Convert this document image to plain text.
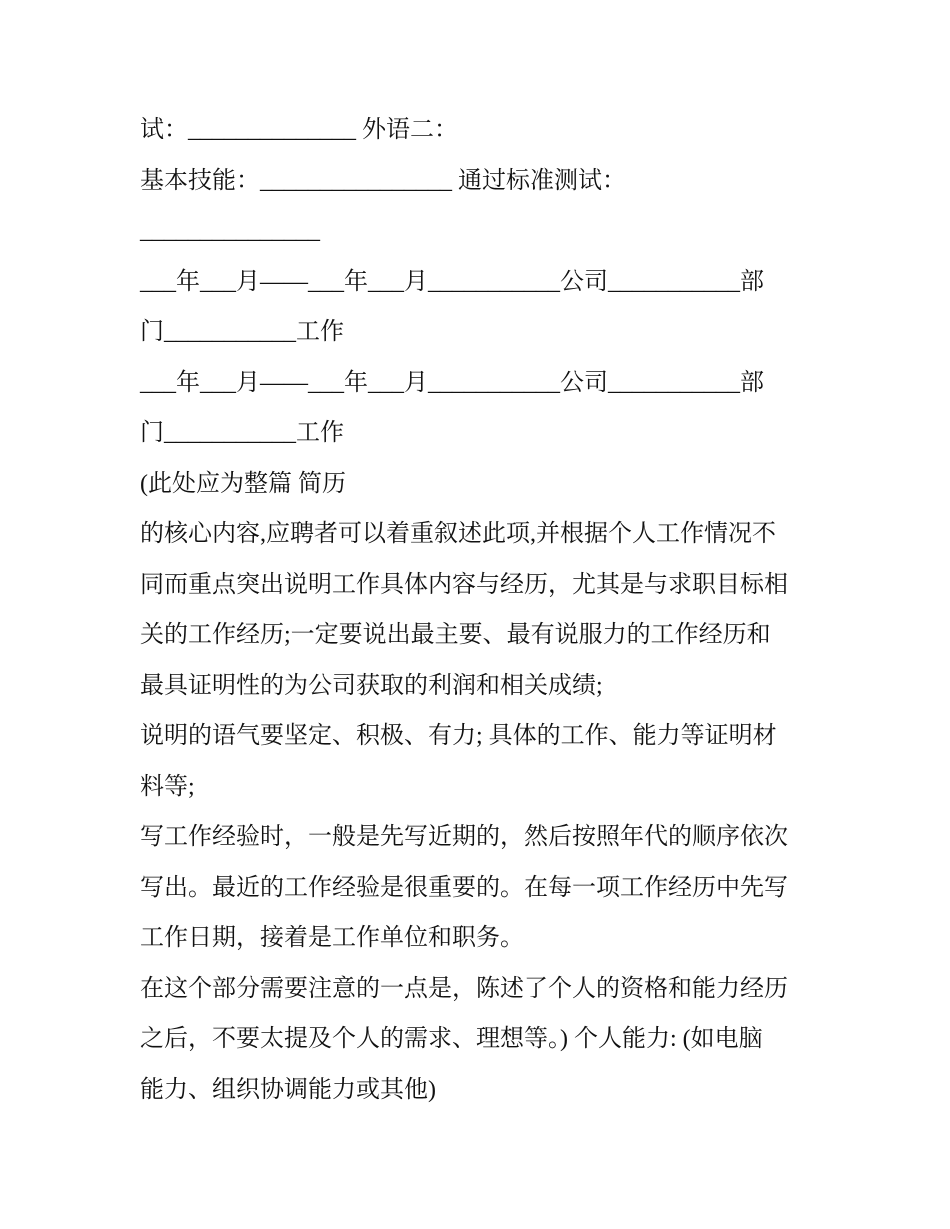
试：______________ 外语二：
基本技能：________________ 通过标准测试：
_______________
___年___月——___年___月___________公司___________部
门___________工作
___年___月——___年___月___________公司___________部
门___________工作
(此处应为整篇 简历
的核心内容,应聘者可以着重叙述此项,并根据个人工作情况不
同而重点突出说明工作具体内容与经历，尤其是与求职目标相
关的工作经历;一定要说出最主要、最有说服力的工作经历和
最具证明性的为公司获取的利润和相关成绩;
说明的语气要坚定、积极、有力; 具体的工作、能力等证明材
料等;
写工作经验时，一般是先写近期的，然后按照年代的顺序依次
写出。最近的工作经验是很重要的。在每一项工作经历中先写
工作日期，接着是工作单位和职务。
在这个部分需要注意的一点是，陈述了个人的资格和能力经历
之后，不要太提及个人的需求、理想等。) 个人能力: (如电脑
能力、组织协调能力或其他)
